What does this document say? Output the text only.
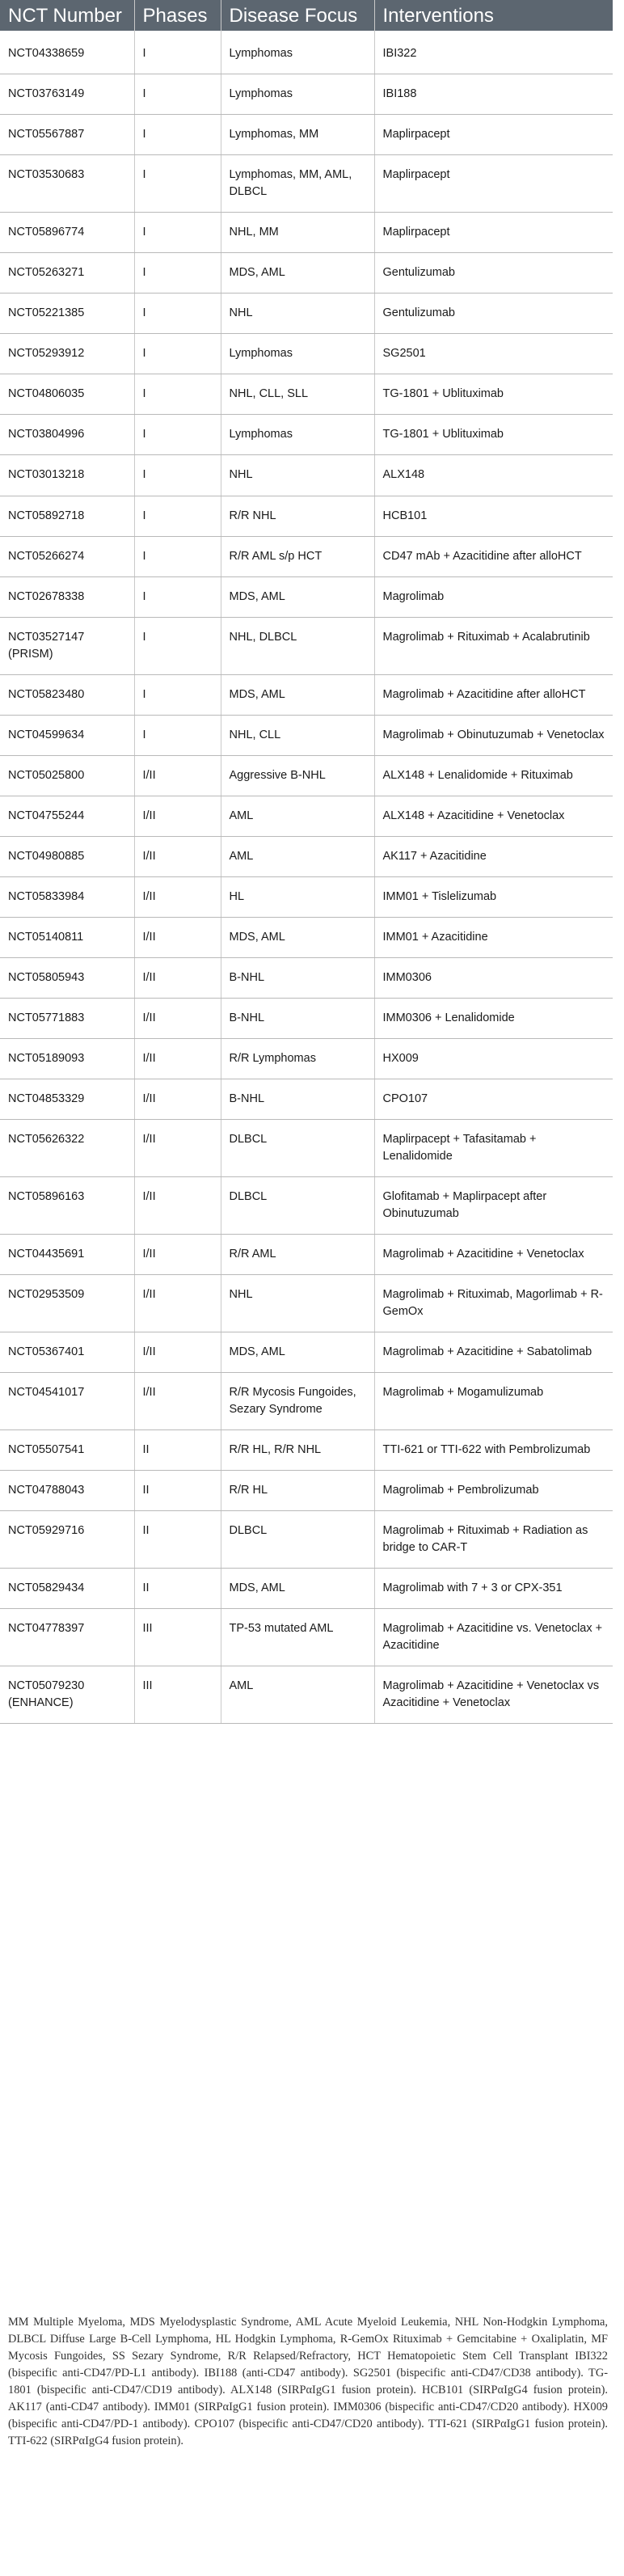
NCT Number	Phases	Disease Focus	Interventions
NCT04338659	I	Lymphomas	IBI322
NCT03763149	I	Lymphomas	IBI188
NCT05567887	I	Lymphomas, MM	Maplirpacept
NCT03530683	I	Lymphomas, MM, AML, DLBCL	Maplirpacept
NCT05896774	I	NHL, MM	Maplirpacept
NCT05263271	I	MDS, AML	Gentulizumab
NCT05221385	I	NHL	Gentulizumab
NCT05293912	I	Lymphomas	SG2501
NCT04806035	I	NHL, CLL, SLL	TG-1801 + Ublituximab
NCT03804996	I	Lymphomas	TG-1801 + Ublituximab
NCT03013218	I	NHL	ALX148
NCT05892718	I	R/R NHL	HCB101
NCT05266274	I	R/R AML s/p HCT	CD47 mAb + Azacitidine after alloHCT
NCT02678338	I	MDS, AML	Magrolimab
NCT03527147 (PRISM)	I	NHL, DLBCL	Magrolimab + Rituximab + Acalabrutinib
NCT05823480	I	MDS, AML	Magrolimab + Azacitidine after alloHCT
NCT04599634	I	NHL, CLL	Magrolimab + Obinutuzumab + Venetoclax
NCT05025800	I/II	Aggressive B-NHL	ALX148 + Lenalidomide + Rituximab
NCT04755244	I/II	AML	ALX148 + Azacitidine + Venetoclax
NCT04980885	I/II	AML	AK117 + Azacitidine
NCT05833984	I/II	HL	IMM01 + Tislelizumab
NCT05140811	I/II	MDS, AML	IMM01 + Azacitidine
NCT05805943	I/II	B-NHL	IMM0306
NCT05771883	I/II	B-NHL	IMM0306 + Lenalidomide
NCT05189093	I/II	R/R Lymphomas	HX009
NCT04853329	I/II	B-NHL	CPO107
NCT05626322	I/II	DLBCL	Maplirpacept + Tafasitamab + Lenalidomide
NCT05896163	I/II	DLBCL	Glofitamab + Maplirpacept after Obinutuzumab
NCT04435691	I/II	R/R AML	Magrolimab + Azacitidine + Venetoclax
NCT02953509	I/II	NHL	Magrolimab + Rituximab, Magorlimab + R-GemOx
NCT05367401	I/II	MDS, AML	Magrolimab + Azacitidine + Sabatolimab
NCT04541017	I/II	R/R Mycosis Fungoides, Sezary Syndrome	Magrolimab + Mogamulizumab
NCT05507541	II	R/R HL, R/R NHL	TTI-621 or TTI-622 with Pembrolizumab
NCT04788043	II	R/R HL	Magrolimab + Pembrolizumab
NCT05929716	II	DLBCL	Magrolimab + Rituximab + Radiation as bridge to CAR-T
NCT05829434	II	MDS, AML	Magrolimab with 7 + 3 or CPX-351
NCT04778397	III	TP-53 mutated AML	Magrolimab + Azacitidine vs. Venetoclax + Azacitidine
NCT05079230 (ENHANCE)	III	AML	Magrolimab + Azacitidine + Venetoclax vs Azacitidine + Venetoclax

MM Multiple Myeloma, MDS Myelodysplastic Syndrome, AML Acute Myeloid Leukemia, NHL Non-Hodgkin Lymphoma, DLBCL Diffuse Large B-Cell Lymphoma, HL Hodgkin Lymphoma, R-GemOx Rituximab + Gemcitabine + Oxaliplatin, MF Mycosis Fungoides, SS Sezary Syndrome, R/R Relapsed/Refractory, HCT Hematopoietic Stem Cell Transplant IBI322 (bispecific anti-CD47/PD-L1 antibody). IBI188 (anti-CD47 antibody). SG2501 (bispecific anti-CD47/CD38 antibody). TG-1801 (bispecific anti-CD47/CD19 antibody). ALX148 (SIRPαIgG1 fusion protein). HCB101 (SIRPαIgG4 fusion protein). AK117 (anti-CD47 antibody). IMM01 (SIRPαIgG1 fusion protein). IMM0306 (bispecific anti-CD47/CD20 antibody). HX009 (bispecific anti-CD47/PD-1 antibody). CPO107 (bispecific anti-CD47/CD20 antibody). TTI-621 (SIRPαIgG1 fusion protein). TTI-622 (SIRPαIgG4 fusion protein).
